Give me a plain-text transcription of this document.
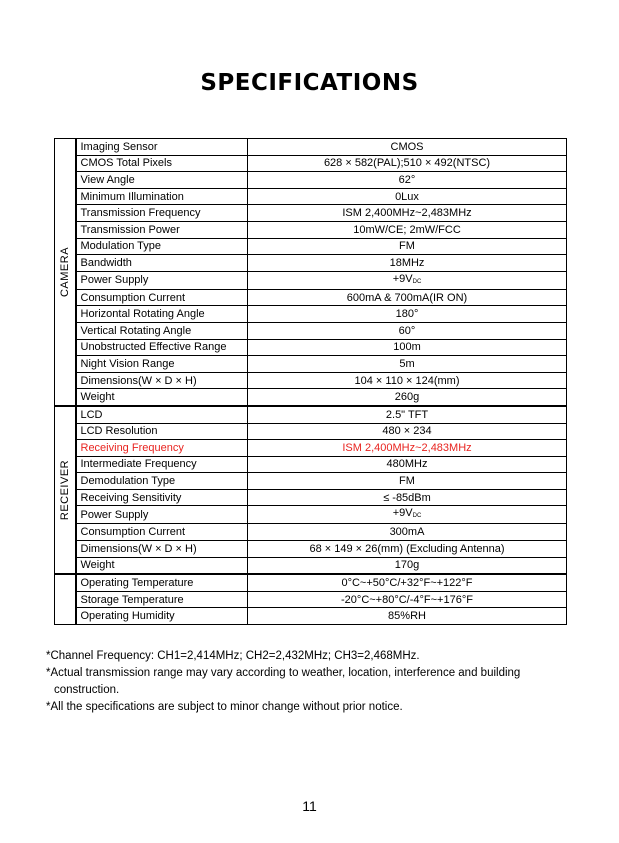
SPECIFICATIONS
CAMERA	Imaging Sensor	CMOS
	CMOS Total Pixels	628 × 582(PAL);510 × 492(NTSC)
	View Angle	62°
	Minimum Illumination	0Lux
	Transmission Frequency	ISM 2,400MHz~2,483MHz
	Transmission Power	10mW/CE; 2mW/FCC
	Modulation Type	FM
	Bandwidth	18MHz
	Power Supply	+9VDC
	Consumption Current	600mA & 700mA(IR ON)
	Horizontal Rotating Angle	180°
	Vertical Rotating Angle	60°
	Unobstructed Effective Range	100m
	Night Vision Range	5m
	Dimensions(W × D × H)	104 × 110 × 124(mm)
	Weight	260g

RECEIVER	LCD	2.5" TFT
	LCD Resolution	480 × 234
	Receiving Frequency	ISM 2,400MHz~2,483MHz
	Intermediate Frequency	480MHz
	Demodulation Type	FM
	Receiving Sensitivity	≤ -85dBm
	Power Supply	+9VDC
	Consumption Current	300mA
	Dimensions(W × D × H)	68 × 149 × 26(mm) (Excluding Antenna)
	Weight	170g
	Operating Temperature	0°C~+50°C/+32°F~+122°F
	Storage Temperature	-20°C~+80°C/-4°F~+176°F
	Operating Humidity	85%RH

*Channel Frequency: CH1=2,414MHz; CH2=2,432MHz; CH3=2,468MHz.

*Actual transmission range may vary according to weather, location, interference and building

construction.

*All the specifications are subject to minor change without prior notice.

11
